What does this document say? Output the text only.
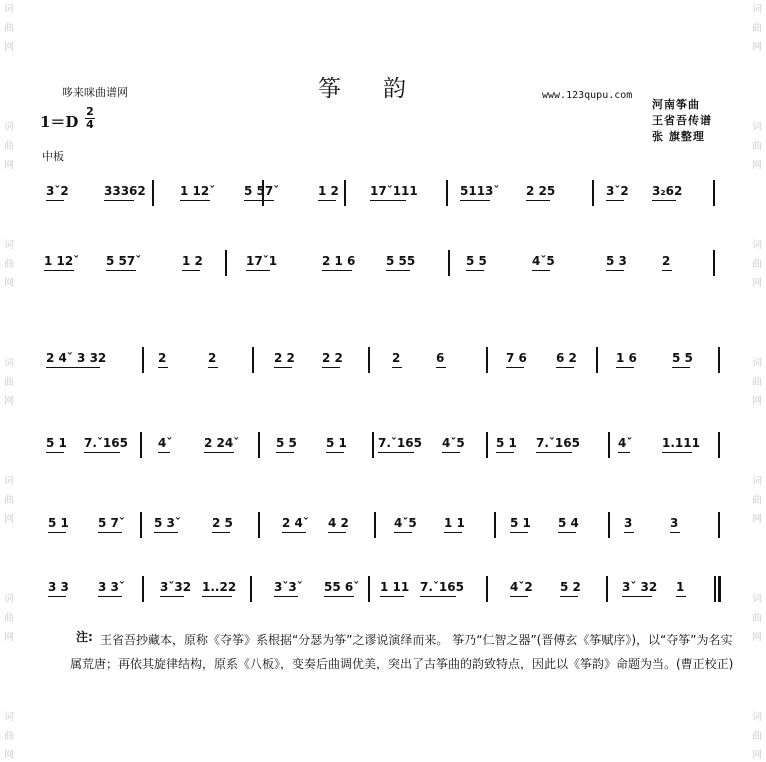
词
曲
网
词
曲
网
词
曲
网
词
曲
网
词
曲
网
词
曲
网
词
曲
网
词
曲
网
词
曲
网
词
曲
网
词
曲
网
词
曲
网
词
曲
网
词
曲
网
哆来咪曲谱网	筝韵	www.123qupu.com
河南筝曲
王省吾传谱
张 旗整理
1＝D
2
4
中板
3ˇ2	33362	1 12ˇ 5 57ˇ	1 2	17ˇ111	5113ˇ 2 25	3ˇ2 3₂62
1 12ˇ 5 57ˇ	1 2	17ˇ1	2 1 6	5 55	5 5	4ˇ5	5 3	2
2 4ˇ 3 32	2	2	2 2 2 2	2	6	7 6 6 2	1 6	5 5
5 1 7.ˇ165	4ˇ	2 24ˇ	5 5 5 1	7.ˇ165 4ˇ5	5 1 7.ˇ165	4ˇ 1.111
5 1 5 7ˇ 5 3ˇ	2 5	2 4ˇ 4 2	4ˇ5 1 1	5 1 5 4	3	3
3 3 3 3ˇ	3ˇ32 1..22	3ˇ3ˇ 55 6ˇ 1 11 7.ˇ165	4ˇ2 5 2	3ˇ 32 1
注: 王省吾抄藏本，原称《夺筝》系根据“分瑟为筝”之谬说演绎而来。 筝乃“仁智之器”(晋傅玄《筝赋序》)，以“夺筝”为名实属荒唐；再依其旋律结构，原系《八板》，变奏后曲调优美，突出了古筝曲的韵致特点，因此以《筝韵》命题为当。(曹正校正)
